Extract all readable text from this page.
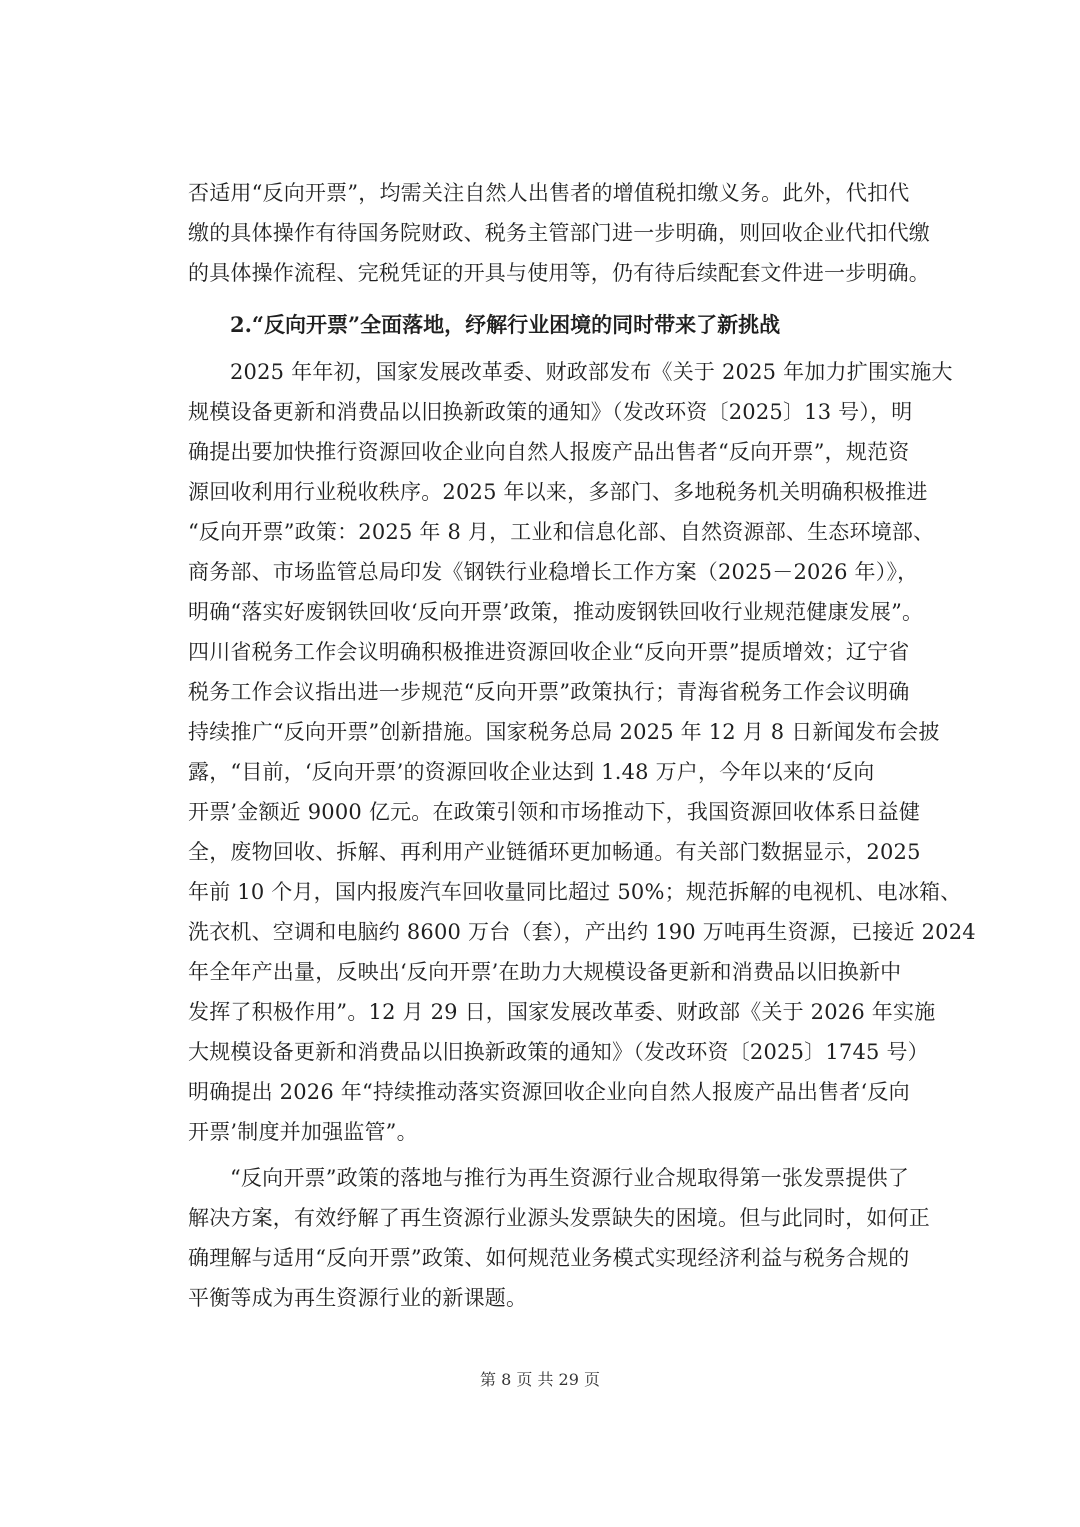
否适用“反向开票”，均需关注自然人出售者的增值税扣缴义务。此外，代扣代
缴的具体操作有待国务院财政、税务主管部门进一步明确，则回收企业代扣代缴
的具体操作流程、完税凭证的开具与使用等，仍有待后续配套文件进一步明确。
2.“反向开票”全面落地，纾解行业困境的同时带来了新挑战
2025 年年初，国家发展改革委、财政部发布《关于 2025 年加力扩围实施大
规模设备更新和消费品以旧换新政策的通知》（发改环资〔2025〕13 号），明
确提出要加快推行资源回收企业向自然人报废产品出售者“反向开票”，规范资
源回收利用行业税收秩序。2025 年以来，多部门、多地税务机关明确积极推进
“反向开票”政策：2025 年 8 月，工业和信息化部、自然资源部、生态环境部、
商务部、市场监管总局印发《钢铁行业稳增长工作方案（2025－2026 年）》，
明确“落实好废钢铁回收‘反向开票’政策，推动废钢铁回收行业规范健康发展”。
四川省税务工作会议明确积极推进资源回收企业“反向开票”提质增效；辽宁省
税务工作会议指出进一步规范“反向开票”政策执行；青海省税务工作会议明确
持续推广“反向开票”创新措施。国家税务总局 2025 年 12 月 8 日新闻发布会披
露，“目前，‘反向开票’的资源回收企业达到 1.48 万户，今年以来的‘反向
开票’金额近 9000 亿元。在政策引领和市场推动下，我国资源回收体系日益健
全，废物回收、拆解、再利用产业链循环更加畅通。有关部门数据显示，2025
年前 10 个月，国内报废汽车回收量同比超过 50%；规范拆解的电视机、电冰箱、
洗衣机、空调和电脑约 8600 万台（套），产出约 190 万吨再生资源，已接近 2024
年全年产出量，反映出‘反向开票’在助力大规模设备更新和消费品以旧换新中
发挥了积极作用”。12 月 29 日，国家发展改革委、财政部《关于 2026 年实施
大规模设备更新和消费品以旧换新政策的通知》（发改环资〔2025〕1745 号）
明确提出 2026 年“持续推动落实资源回收企业向自然人报废产品出售者‘反向
开票’制度并加强监管”。
“反向开票”政策的落地与推行为再生资源行业合规取得第一张发票提供了
解决方案，有效纾解了再生资源行业源头发票缺失的困境。但与此同时，如何正
确理解与适用“反向开票”政策、如何规范业务模式实现经济利益与税务合规的
平衡等成为再生资源行业的新课题。
第 8 页 共 29 页
